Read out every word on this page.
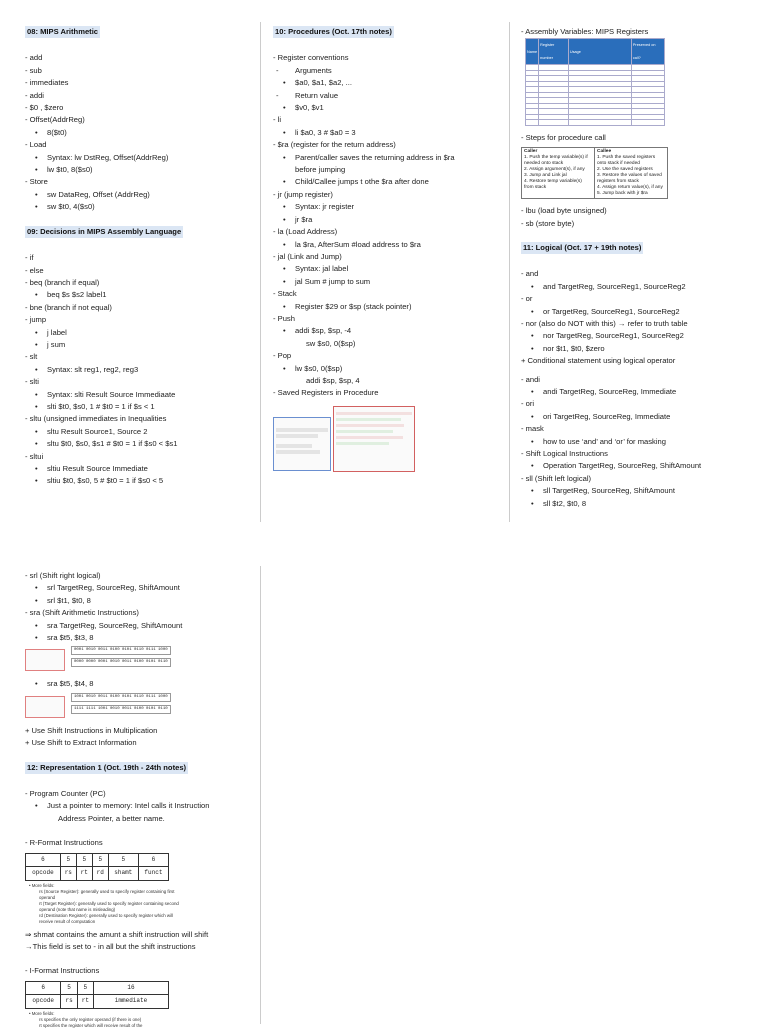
08: MIPS Arithmetic
- add
- sub
- immediates
- addi
- $0 , $zero
- Offset(AddrReg)
• 8($t0)
- Load
• Syntax: lw DstReg, Offset(AddrReg)
• lw $t0, 8($s0)
- Store
• sw DataReg, Offset (AddrReg)
• sw $t0, 4($s0)
09: Decisions in MIPS Assembly Language
- if
- else
- beq (branch if equal)
• beq $s $s2 label1
- bne (branch if not equal)
- jump
• j label
• j sum
- slt
• Syntax: slt reg1, reg2, reg3
- slti
• Syntax: slti Result Source Immediaate
• slti $t0, $s0, 1 # $t0 = 1 if $s < 1
- sltu (unsigned immediates in Inequalities
• sltu Result Source1, Source 2
• sltu $t0, $s0, $s1 # $t0 = 1 if $s0 < $s1
- sltui
• sltiu Result Source Immediate
• sltiu $t0, $s0, 5 # $t0 = 1 if $s0 < 5
10: Procedures (Oct. 17th notes)
- Register conventions
- Arguments
• $a0, $a1, $a2, ...
- Return value
• $v0, $v1
- li
• li $a0, 3 # $a0 = 3
- $ra (register for the return address)
• Parent/caller saves the returning address in $ra
before jumping
• Child/Callee jumps t othe $ra after done
- jr (jump register)
• Syntax: jr register
• jr $ra
- la (Load Address)
• la $ra, AfterSum #load address to $ra
- jal (Link and Jump)
• Syntax: jal label
• jal Sum # jump to sum
- Stack
• Register $29 or $sp (stack pointer)
- Push
• addi $sp, $sp, -4
sw $s0, 0($sp)
- Pop
• lw $s0, 0($sp)
addi $sp, $sp, 4
- Saved Registers in Procedure
- Assembly Variables: MIPS Registers
Name	Register number	Usage	Preserved on call?

- Steps for procedure call
Caller
1. Push the temp variable(s) if needed onto stack
2. Assign argument(s), if any
3. Jump and Link jal
4. Restore temp variable(s) from stack
Callee
1. Push the saved registers onto stack if needed
2. Use the saved registers
3. Restore the values of saved registers from stack
4. Assign return value(s), if any
5. Jump back with jr $ra
- lbu (load byte unsigned)
- sb (store byte)
11: Logical (Oct. 17 + 19th notes)
- and
• and TargetReg, SourceReg1, SourceReg2
- or
• or TargetReg, SourceReg1, SourceReg2
- nor (also do NOT with this) → refer to truth table
• nor TargetReg, SourceReg1, SourceReg2
• nor $t1, $t0, $zero
+ Conditional statement using logical operator
- andi
• andi TargetReg, SourceReg, Immediate
- ori
• ori TargetReg, SourceReg, Immediate
- mask
• how to use ‘and’ and ‘or’ for masking
- Shift Logical Instructions
• Operation TargetReg, SourceReg, ShiftAmount
- sll (Shift left logical)
• sll TargetReg, SourceReg, ShiftAmount
• sll $t2, $t0, 8
- srl (Shift right logical)
• srl TargetReg, SourceReg, ShiftAmount
• srl $t1, $t0, 8
- sra (Shift Arithmetic Instructions)
• sra TargetReg, SourceReg, ShiftAmount
• sra $t5, $t3, 8
0001 0010 0011 0100 0101 0110 0111 1000
0000 0000 0001 0010 0011 0100 0101 0110
• sra $t5, $t4, 8
1001 0010 0011 0100 0101 0110 0111 1000
1111 1111 1001 0010 0011 0100 0101 0110
+ Use Shift Instructions in Multiplication
+ Use Shift to Extract Information
12: Representation 1 (Oct. 19th - 24th notes)
- Program Counter (PC)
• Just a pointer to memory: Intel calls it Instruction
Address Pointer, a better name.
- R-Format Instructions
6	5	5	5	5	6
opcode	rs	rt	rd	shamt	funct
• More fields:
rs (Source Register): generally used to specify register containing first operand
rt (Target Register): generally used to specify register containing second operand (note that name is misleading)
rd (Destination Register): generally used to specify register which will receive result of computation
⇒ shmat contains the amunt a shift instruction will shift
→This field is set to - in all but the shift instructions
- I-Format Instructions
6	5	5	16
opcode	rs	rt	immediate
• More fields:
rs specifies the only register operand (if there is one)
rt specifies the register which will receive result of the
